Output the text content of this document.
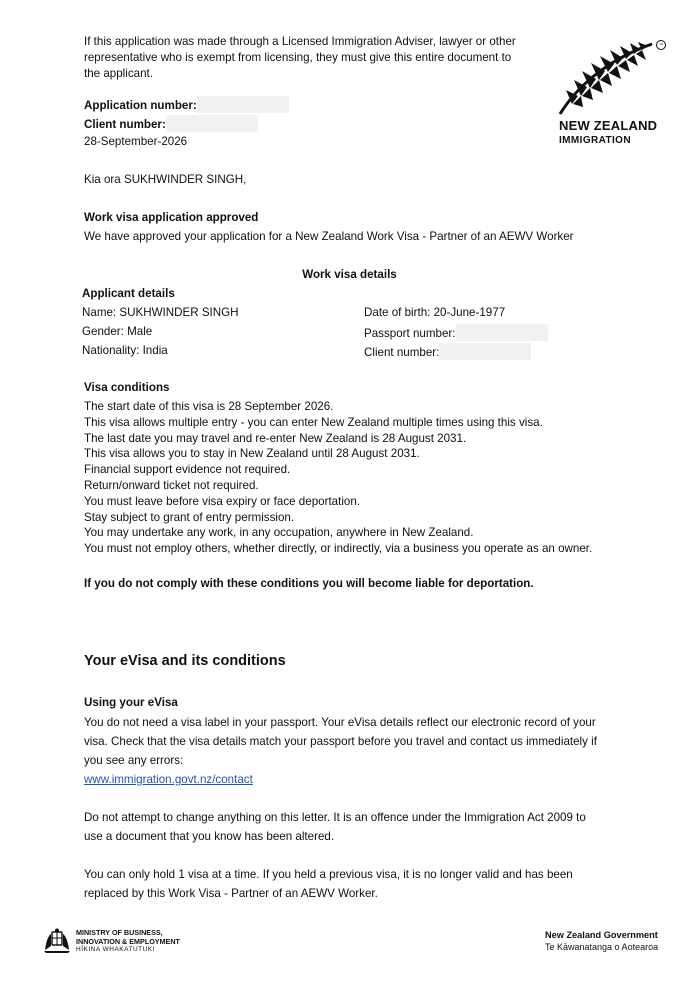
If this application was made through a Licensed Immigration Adviser, lawyer or other
representative who is exempt from licensing, they must give this entire document to
the applicant.
™
NEW ZEALAND
IMMIGRATION
Application number:
Client number:
28-September-2026
Kia ora SUKHWINDER SINGH,
Work visa application approved
We have approved your application for a New Zealand Work Visa - Partner of an AEWV Worker
Work visa details
Applicant details
Name: SUKHWINDER SINGH
Gender: Male
Nationality: India
Date of birth: 20-June-1977
Passport number:
Client number:
Visa conditions
The start date of this visa is 28 September 2026.
This visa allows multiple entry - you can enter New Zealand multiple times using this visa.
The last date you may travel and re-enter New Zealand is 28 August 2031.
This visa allows you to stay in New Zealand until 28 August 2031.
Financial support evidence not required.
Return/onward ticket not required.
You must leave before visa expiry or face deportation.
Stay subject to grant of entry permission.
You may undertake any work, in any occupation, anywhere in New Zealand.
You must not employ others, whether directly, or indirectly, via a business you operate as an owner.
If you do not comply with these conditions you will become liable for deportation.
Your eVisa and its conditions
Using your eVisa
You do not need a visa label in your passport. Your eVisa details reflect our electronic record of your
visa. Check that the visa details match your passport before you travel and contact us immediately if
you see any errors:
www.immigration.govt.nz/contact
Do not attempt to change anything on this letter. It is an offence under the Immigration Act 2009 to
use a document that you know has been altered.
You can only hold 1 visa at a time. If you held a previous visa, it is no longer valid and has been
replaced by this Work Visa - Partner of an AEWV Worker.
MINISTRY OF BUSINESS,
INNOVATION & EMPLOYMENT
HĪKINA WHAKATUTUKI
New Zealand Government
Te Kāwanatanga o Aotearoa
